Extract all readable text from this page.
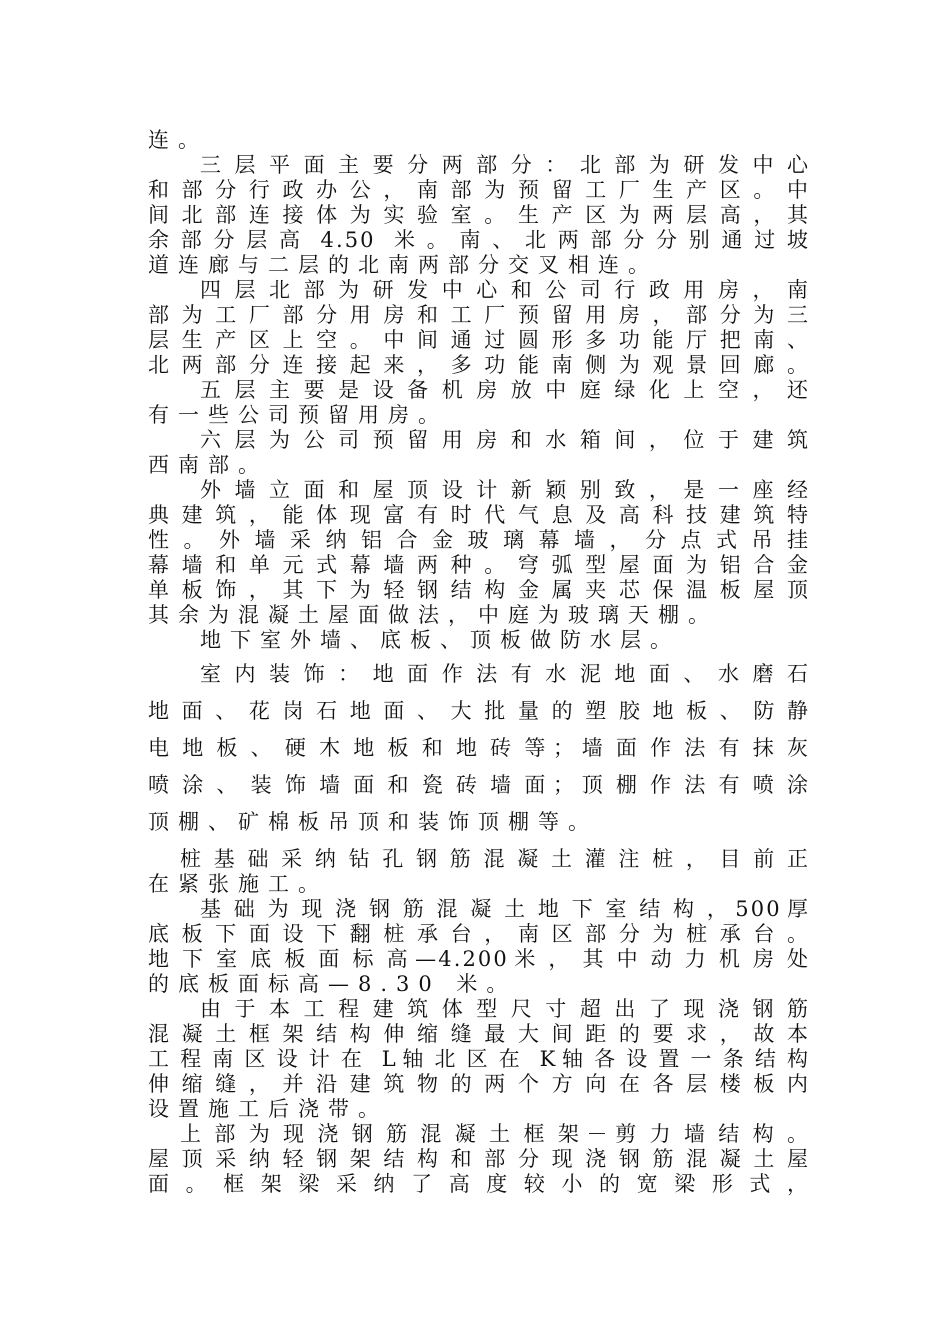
连。

三 层 平 面 主 要 分 两 部 分 ： 北 部 为 研 发 中 心

和 部 分 行 政 办 公 ， 南 部 为 预 留 工 厂 生 产 区 。 中

间 北 部 连 接 体 为 实 验 室 。 生 产 区 为 两 层 高 ， 其

余 部 分 层 高   4 . 5 0   米 。 南 、 北 两 部 分 分 别 通 过 坡

道连廊与二层的北南两部分交叉相连。

四 层 北 部 为 研 发 中 心 和 公 司 行 政 用 房 ， 南

部 为 工 厂 部 分 用 房 和 工 厂 预 留 用 房 ， 部 分 为 三

层 生 产 区 上 空 。 中 间 通 过 圆 形 多 功 能 厅 把 南 、

北 两 部 分 连 接 起 来 ， 多 功 能 南 侧 为 观 景 回 廊 。

五 层 主 要 是 设 备 机 房 放 中 庭 绿 化 上 空 ， 还

有一些公司预留用房。

六 层 为 公 司 预 留 用 房 和 水 箱 间 ， 位 于 建 筑

西南部。

外 墙 立 面 和 屋 顶 设 计 新 颖 别 致 ， 是 一 座 经

典 建 筑 ， 能 体 现 富 有 时 代 气 息 及 高 科 技 建 筑 特

性 。 外 墙 采 纳 铝 合 金 玻 璃 幕 墙 ， 分 点 式 吊 挂

幕 墙 和 单 元 式 幕 墙 两 种 。 穹 弧 型 屋 面 为 铝 合 金

单 板 饰 ， 其 下 为 轻 钢 结 构 金 属 夹 芯 保 温 板 屋 顶

其余为混凝土屋面做法，中庭为玻璃天棚。

地下室外墙、底板、顶板做防水层。

室 内 装 饰 ： 地 面 作 法 有 水 泥 地 面 、 水 磨 石

地 面 、 花 岗 石 地 面 、 大 批 量 的 塑 胶 地 板 、 防 静

电 地 板 、 硬 木 地 板 和 地 砖 等 ； 墙 面 作 法 有 抹 灰

喷 涂 、 装 饰 墙 面 和 瓷 砖 墙 面 ； 顶 棚 作 法 有 喷 涂

顶棚、矿棉板吊顶和装饰顶棚等。

桩 基 础 采 纳 钻 孔 钢 筋 混 凝 土 灌 注 桩 ， 目 前 正

在紧张施工。

基 础 为 现 浇 钢 筋 混 凝 土 地 下 室 结 构 ， 5 0 0 厚

底 板 下 面 设 下 翻 桩 承 台 ， 南 区 部 分 为 桩 承 台 。

地 下 室 底 板 面 标 高 — 4 . 2 0 0 米 ， 其 中 动 力 机 房 处

的底板面标高—8.30 米。

由 于 本 工 程 建 筑 体 型 尺 寸 超 出 了 现 浇 钢 筋

混 凝 土 框 架 结 构 伸 缩 缝 最 大 间 距 的 要 求 ， 故 本

工 程 南 区 设 计 在   L 轴 北 区 在   K 轴 各 设 置 一 条 结 构

伸 缩 缝 ， 并 沿 建 筑 物 的 两 个 方 向 在 各 层 楼 板 内

设置施工后浇带。

上 部 为 现 浇 钢 筋 混 凝 土 框 架 － 剪 力 墙 结 构 。

屋 顶 采 纳 轻 钢 架 结 构 和 部 分 现 浇 钢 筋 混 凝 土 屋

面 。 框 架 梁 采 纳 了 高 度 较 小 的 宽 梁 形 式 ，
